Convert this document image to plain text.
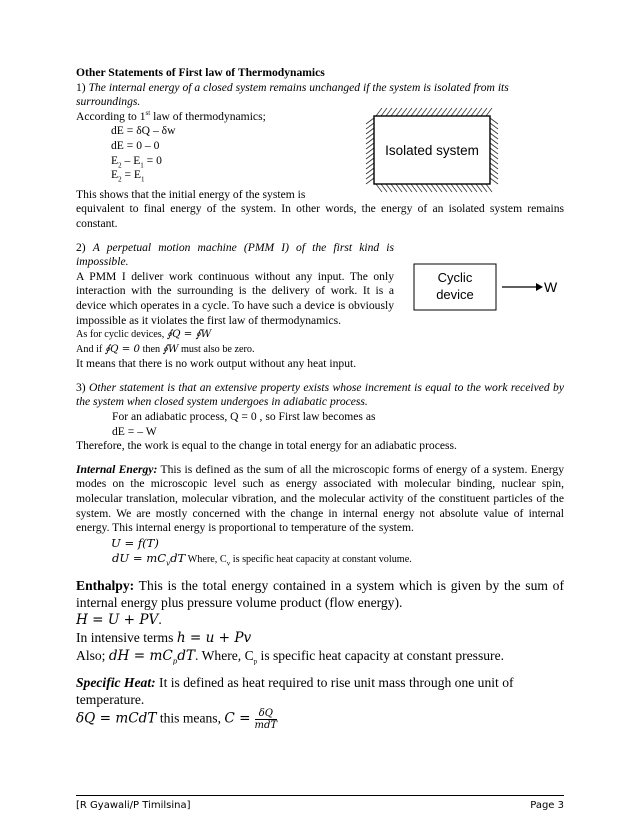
Isolated system
Cyclic
device	W

Other Statements of First law of Thermodynamics

1) The internal energy of a closed system remains unchanged if the system is isolated from its surroundings.

According to 1st law of thermodynamics;

dE = δQ – δw

dE = 0 – 0

$E_2 - E_1 = 0$

$E_2 = E_1$

This shows that the initial energy of the system is

equivalent to final energy of the system. In other words, the energy of an isolated system remains constant.

2) A perpetual motion machine (PMM I) of the first kind is impossible.

A PMM I deliver work continuous without any input. The only interaction with the surrounding is the delivery of work. It is a device which operates in a cycle. To have such a device is obviously impossible as it violates the first law of thermodynamics.

As for cyclic devices, ∮Q = ∮W

And if ∮Q = 0 then ∮W must also be zero.

It means that there is no work output without any heat input.

3) Other statement is that an extensive property exists whose increment is equal to the work received by the system when closed system undergoes in adiabatic process.

For an adiabatic process, Q = 0 , so First law becomes as

dE = – W

Therefore, the work is equal to the change in total energy for an adiabatic process.

Internal Energy: This is defined as the sum of all the microscopic forms of energy of a system. Energy modes on the microscopic level such as energy associated with molecular binding, nuclear spin, molecular translation, molecular vibration, and the molecular activity of the constituent particles of the system. We are mostly concerned with the change in internal energy not absolute value of internal energy. This internal energy is proportional to temperature of the system.

U = f(T)

dU = $mC_vdT$ Where, $C_v$ is specific heat capacity at constant volume.

Enthalpy: This is the total energy contained in a system which is given by the sum of internal energy plus pressure volume product (flow energy).

H = U + PV.

In intensive terms h = u + Pv

Also; dH = $mC_pdT$. Where, $C_p$ is specific heat capacity at constant pressure.

Specific Heat: It is defined as heat required to rise unit mass through one unit of temperature.

δQ = mCdT this means, $C = \frac{\delta Q}{\text{mdT}}$

[R Gyawali/P Timilsina]	Page 3
